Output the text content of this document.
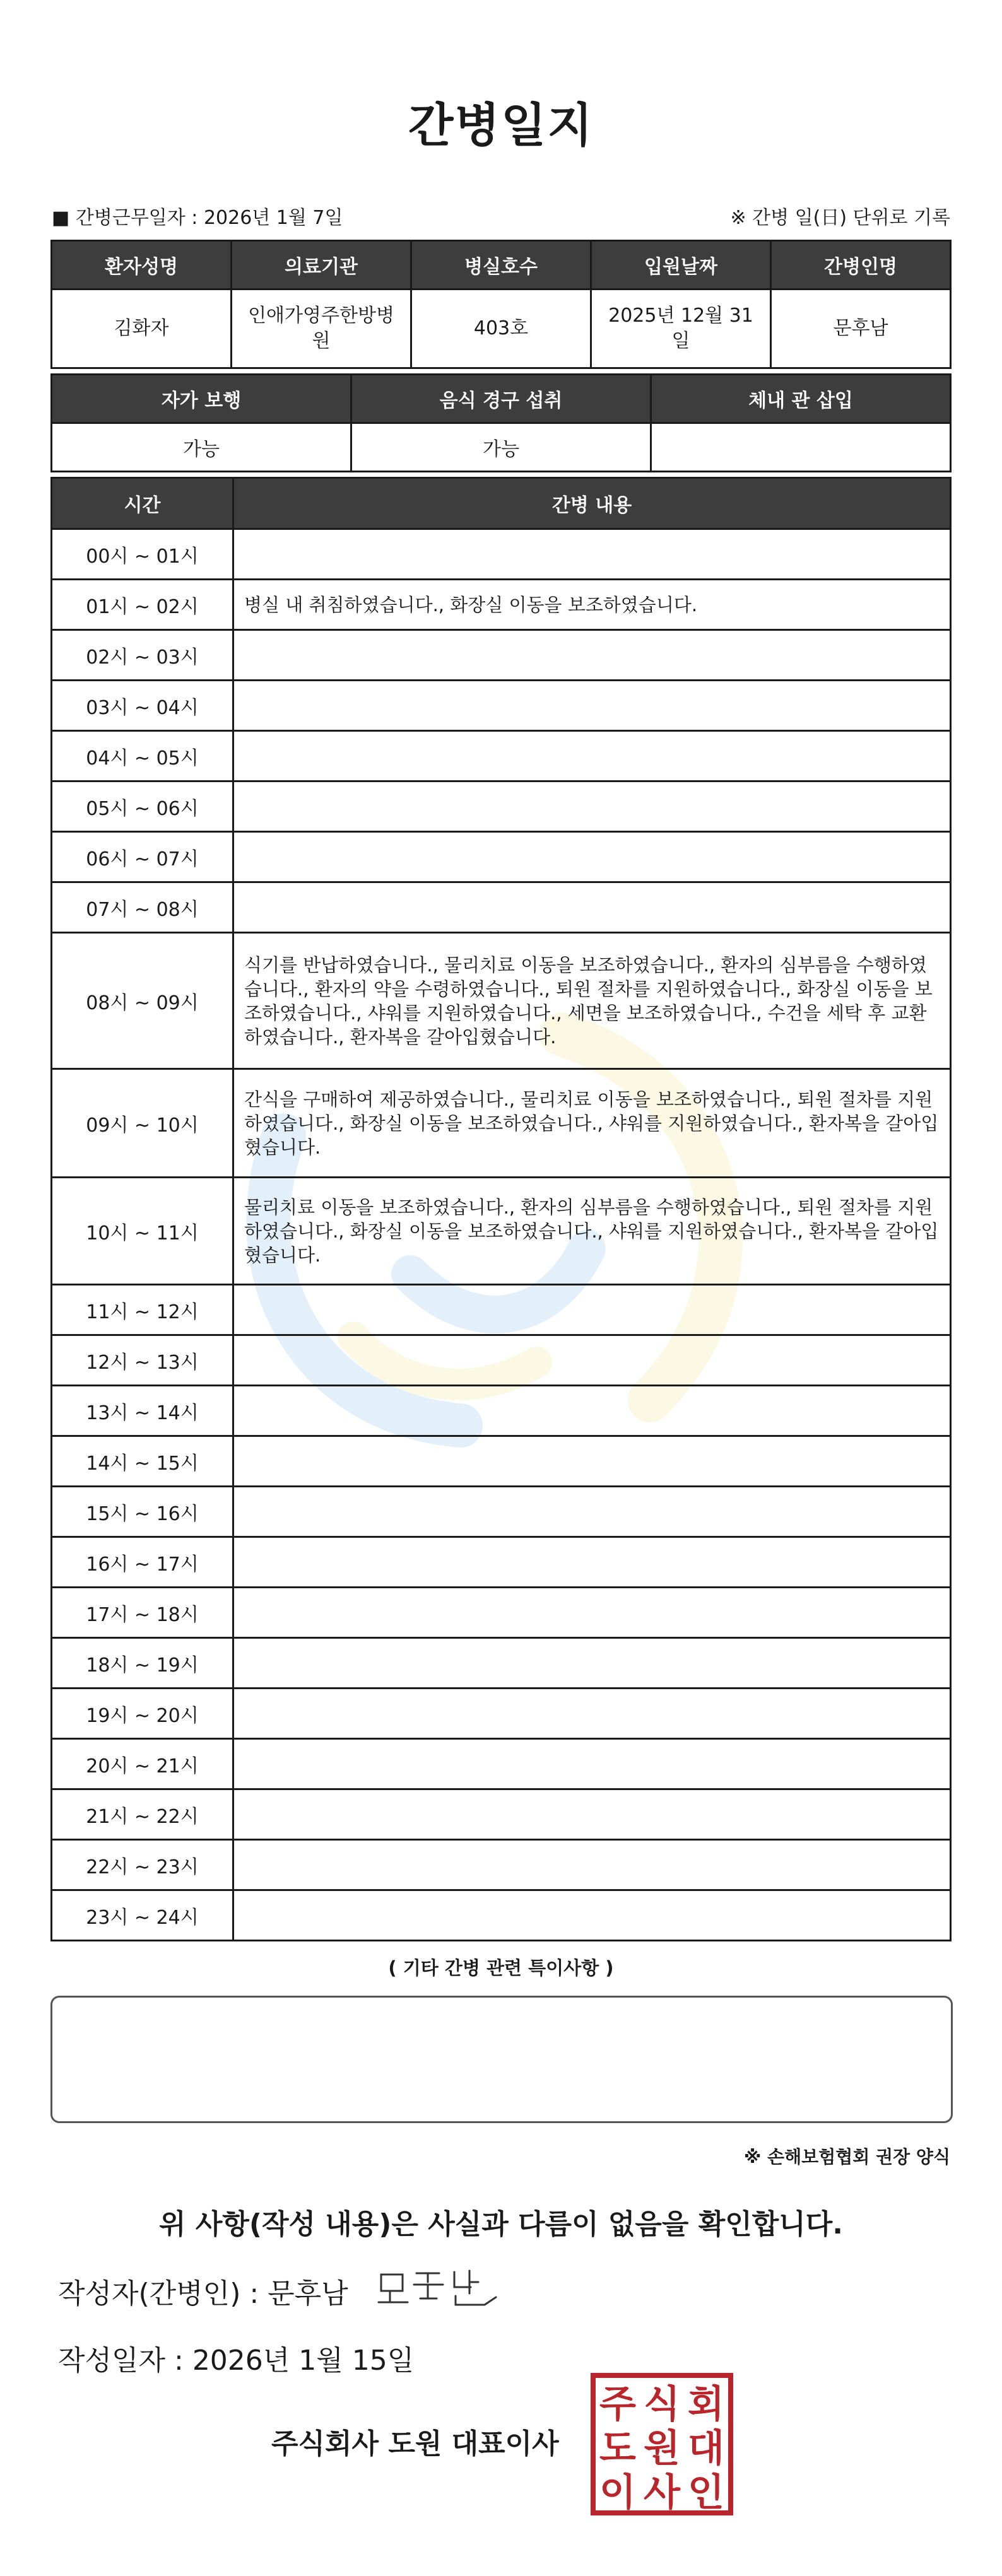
간병일지
■ 간병근무일자 : 2026년 1월 7일	※ 간병 일(日) 단위로 기록
환자성명	의료기관	병실호수	입원날짜	간병인명
김화자	인애가영주한방병원	403호	2025년 12월 31일	문후남
자가 보행	음식 경구 섭취	체내 관 삽입
가능	가능	
시간	간병 내용
00시 ~ 01시	
01시 ~ 02시	병실 내 취침하였습니다., 화장실 이동을 보조하였습니다.
02시 ~ 03시	
03시 ~ 04시	
04시 ~ 05시	
05시 ~ 06시	
06시 ~ 07시	
07시 ~ 08시	
08시 ~ 09시	식기를 반납하였습니다., 물리치료 이동을 보조하였습니다., 환자의 심부름을 수행하였습니다., 환자의 약을 수령하였습니다., 퇴원 절차를 지원하였습니다., 화장실 이동을 보조하였습니다., 샤워를 지원하였습니다., 세면을 보조하였습니다., 수건을 세탁 후 교환하였습니다., 환자복을 갈아입혔습니다.
09시 ~ 10시	간식을 구매하여 제공하였습니다., 물리치료 이동을 보조하였습니다., 퇴원 절차를 지원하였습니다., 화장실 이동을 보조하였습니다., 샤워를 지원하였습니다., 환자복을 갈아입혔습니다.
10시 ~ 11시	물리치료 이동을 보조하였습니다., 환자의 심부름을 수행하였습니다., 퇴원 절차를 지원하였습니다., 화장실 이동을 보조하였습니다., 샤워를 지원하였습니다., 환자복을 갈아입혔습니다.
11시 ~ 12시	
12시 ~ 13시	
13시 ~ 14시	
14시 ~ 15시	
15시 ~ 16시	
16시 ~ 17시	
17시 ~ 18시	
18시 ~ 19시	
19시 ~ 20시	
20시 ~ 21시	
21시 ~ 22시	
22시 ~ 23시	
23시 ~ 24시	
( 기타 간병 관련 특이사항 )
※ 손해보험협회 권장 양식
위 사항(작성 내용)은 사실과 다름이 없음을 확인합니다.
작성자(간병인) : 문후남
작성일자 : 2026년 1월 15일
주식회사 도원 대표이사
주 식 회
도 원 대
이 사 인
